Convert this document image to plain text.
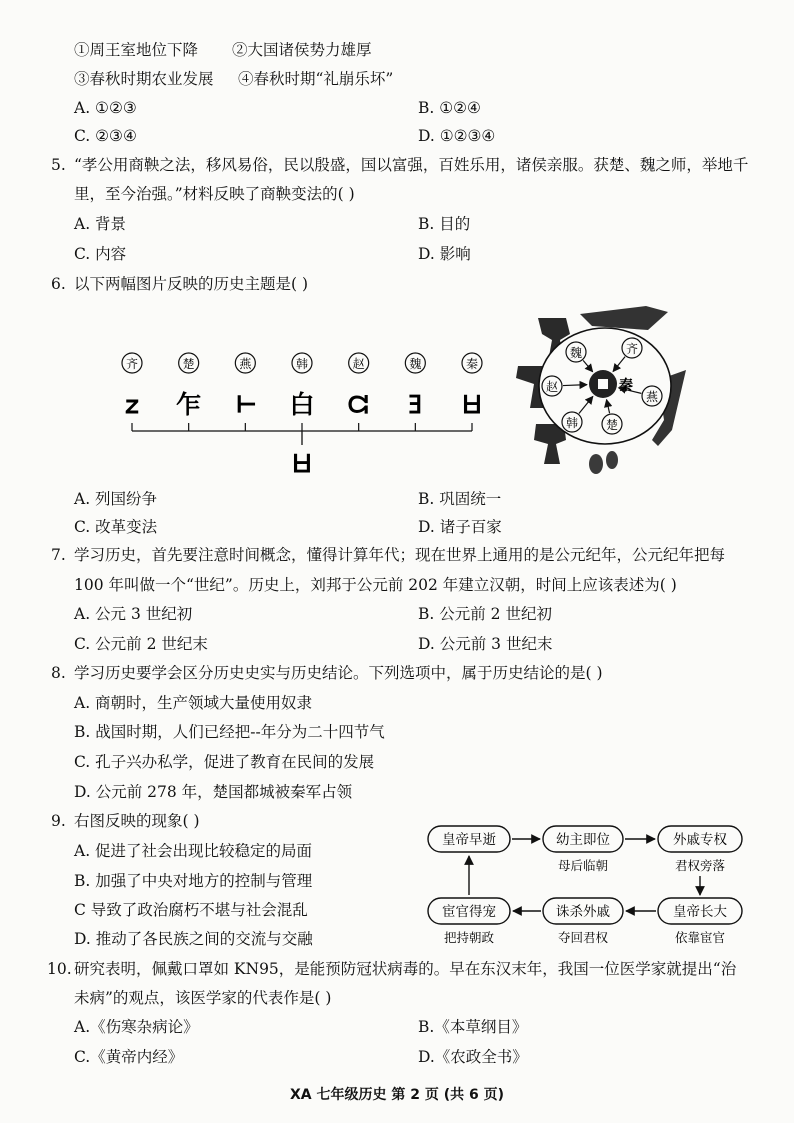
①周王室地位下降 ②大国诸侯势力雄厚
③春秋时期农业发展 ④春秋时期“礼崩乐坏”
A. ①②③	B. ①②④
C. ②③④	D. ①②③④
5. “孝公用商鞅之法，移风易俗，民以殷盛，国以富强，百姓乐用，诸侯亲服。获楚、魏之师，举地千
里，至今治强。”材料反映了商鞅变法的( )
A. 背景	B. 目的
C. 内容	D. 影响
6. 以下两幅图片反映的历史主题是( )
齐
𐌶
楚
乍
燕
𝈩
韩
白
赵
𝈝
魏
𝈨
秦
𝈣
𝈣
魏	齐
赵
燕
韩 楚
秦
A. 列国纷争	B. 巩固统一
C. 改革变法	D. 诸子百家
7. 学习历史，首先要注意时间概念，懂得计算年代；现在世界上通用的是公元纪年，公元纪年把每
100 年叫做一个“世纪”。历史上，刘邦于公元前 202 年建立汉朝，时间上应该表述为( )
A. 公元 3 世纪初	B. 公元前 2 世纪初
C. 公元前 2 世纪末	D. 公元前 3 世纪末
8. 学习历史要学会区分历史史实与历史结论。下列选项中，属于历史结论的是( )
A. 商朝时，生产领域大量使用奴隶
B. 战国时期，人们已经把--年分为二十四节气
C. 孔子兴办私学，促进了教育在民间的发展
D. 公元前 278 年，楚国都城被秦军占领
9. 右图反映的现象( )
A. 促进了社会出现比较稳定的局面
B. 加强了中央对地方的控制与管理
C 导致了政治腐朽不堪与社会混乱
D. 推动了各民族之间的交流与交融
皇帝早逝	幼主即位
母后临朝
外戚专权
君权旁落
皇帝长大
依靠宦官
诛杀外戚
夺回君权
宦官得宠
把持朝政
10. 研究表明，佩戴口罩如 KN95，是能预防冠状病毒的。早在东汉末年，我国一位医学家就提出“治
未病”的观点，该医学家的代表作是( )
A.《伤寒杂病论》	B.《本草纲目》
C.《黄帝内经》	D.《农政全书》
XA 七年级历史 第 2 页 (共 6 页)
